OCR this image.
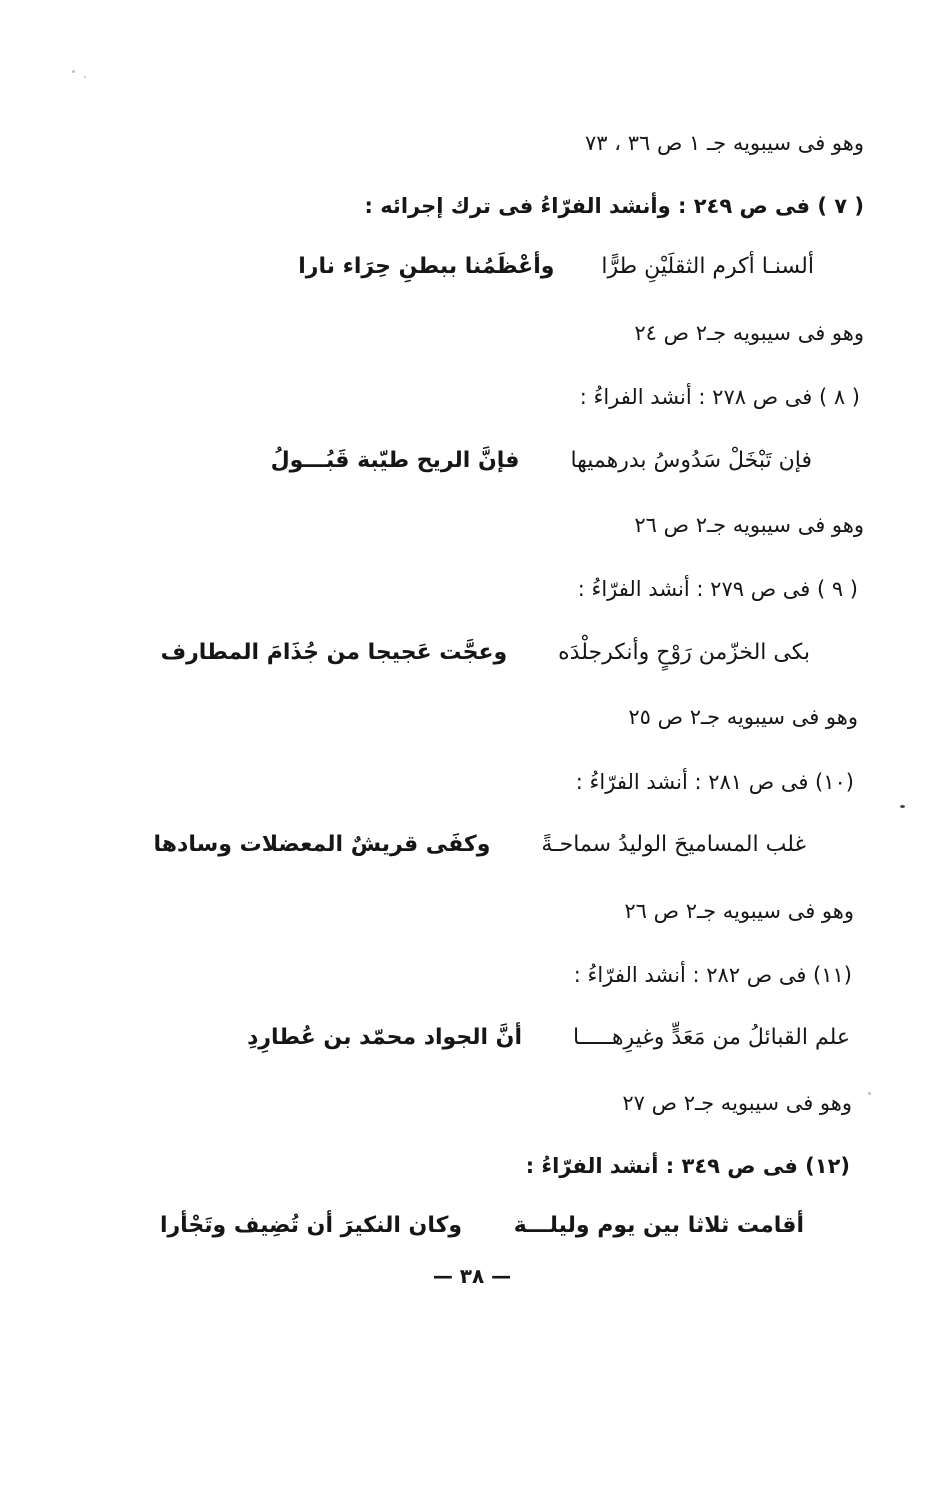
وهو فى سيبويه جـ ١ ص ٣٦ ، ٧٣
( ٧ ) فى ص ٢٤٩ : وأنشد الفرّاءُ فى ترك إجرائه :
ألسنـا أكرم الثقلَيْنِ طرًّا وأعْظَمُنا ببطنِ حِرَاء نارا
وهو فى سيبويه جـ٢ ص ٢٤
( ٨ ) فى ص ٢٧٨ : أنشد الفراءُ :
فإن تَبْخَلْ سَدُوسُ بدرهميها فإنَّ الريح طيّبة قَبُـــولُ
وهو فى سيبويه جـ٢ ص ٢٦
( ٩ ) فى ص ٢٧٩ : أنشد الفرّاءُ :
بكى الخزّمن رَوْحٍ وأنكرجلْدَه وعجَّت عَجيجا من جُذَامَ المطارف
وهو فى سيبويه جـ٢ ص ٢٥
(١٠) فى ص ٢٨١ : أنشد الفرّاءُ :
غلب المساميحَ الوليدُ سماحـةً وكفَى قريشٌ المعضلات وسادها
وهو فى سيبويه جـ٢ ص ٢٦
(١١) فى ص ٢٨٢ : أنشد الفرّاءُ :
علم القبائلُ من مَعَدٍّ وغيرِهـــــا أنَّ الجواد محمّد بن عُطارِدِ
وهو فى سيبويه جـ٢ ص ٢٧
(١٢) فى ص ٣٤٩ : أنشد الفرّاءُ :
أقامت ثلاثا بين يوم وليلـــة وكان النكيرَ أن تُضِيف وتَجْأرا
— ٣٨ —
